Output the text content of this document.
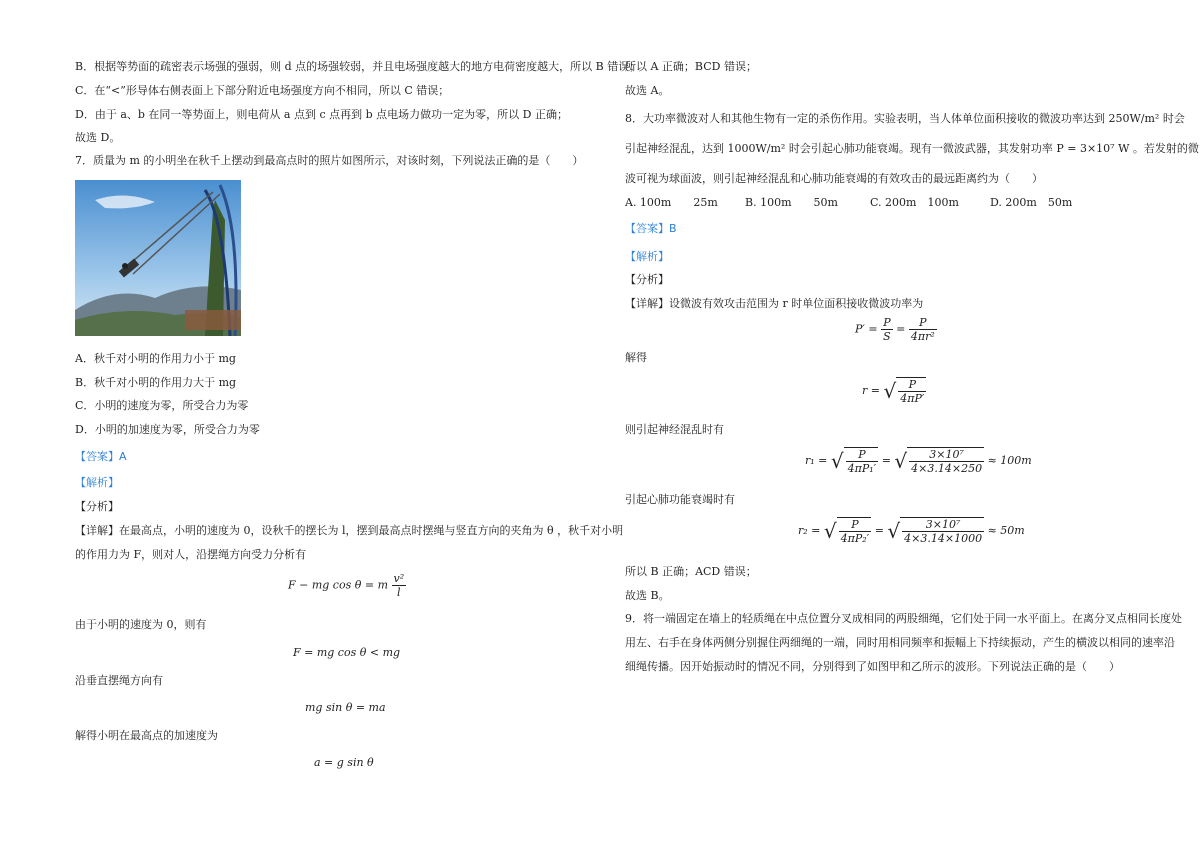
B．根据等势面的疏密表示场强的强弱，则 d 点的场强较弱，并且电场强度越大的地方电荷密度越大，所以 B 错误；
C．在“<”形导体右侧表面上下部分附近电场强度方向不相同，所以 C 错误；
D．由于 a、b 在同一等势面上，则电荷从 a 点到 c 点再到 b 点电场力做功一定为零，所以 D 正确；
故选 D。
7．质量为 m 的小明坐在秋千上摆动到最高点时的照片如图所示，对该时刻，下列说法正确的是（　　）
A．秋千对小明的作用力小于 mg
B．秋千对小明的作用力大于 mg
C．小明的速度为零，所受合力为零
D．小明的加速度为零，所受合力为零
【答案】A
【解析】
【分析】
【详解】在最高点，小明的速度为 0，设秋千的摆长为 l，摆到最高点时摆绳与竖直方向的夹角为 θ ，秋千对小明
的作用力为 F，则对人，沿摆绳方向受力分析有
F − mg cos θ = m $\frac{\text{v²}}{l}$
由于小明的速度为 0，则有
F = mg cos θ < mg
沿垂直摆绳方向有
mg sin θ = ma
解得小明在最高点的加速度为
a = g sin θ
所以 A 正确；BCD 错误；
故选 A。
8．大功率微波对人和其他生物有一定的杀伤作用。实验表明，当人体单位面积接收的微波功率达到 250W/m² 时会
引起神经混乱，达到 1000W/m² 时会引起心肺功能衰竭。现有一微波武器，其发射功率 P = 3×10⁷ W 。若发射的微
波可视为球面波，则引起神经混乱和心肺功能衰竭的有效攻击的最远距离约为（　　）
A. 100m　　25m B. 100m　　50m	C. 200m　100m	D. 200m　50m
【答案】B
【解析】
【分析】
【详解】设微波有效攻击范围为 r 时单位面积接收微波功率为
$P' = \frac{P}{S} = \frac{P}{\text{4πr²}}$
解得
r = √ $\frac{P}{4\pi P'}$
则引起神经混乱时有
r₁ = √ $\frac{P}{\text{4πP₁′}}$ = √ $\frac{\text{3×10⁷}}{4\times 3.14\times 250} \approx 100m$
引起心肺功能衰竭时有
r₂ = √ $\frac{P}{\text{4πP₂′}}$ = √ $\frac{\text{3×10⁷}}{4\times 3.14\times 1000} \approx 50m$
所以 B 正确；ACD 错误；
故选 B。
9．将一端固定在墙上的轻质绳在中点位置分叉成相同的两股细绳，它们处于同一水平面上。在离分叉点相同长度处
用左、右手在身体两侧分别握住两细绳的一端，同时用相同频率和振幅上下持续振动，产生的横波以相同的速率沿
细绳传播。因开始振动时的情况不同，分别得到了如图甲和乙所示的波形。下列说法正确的是（　　）
